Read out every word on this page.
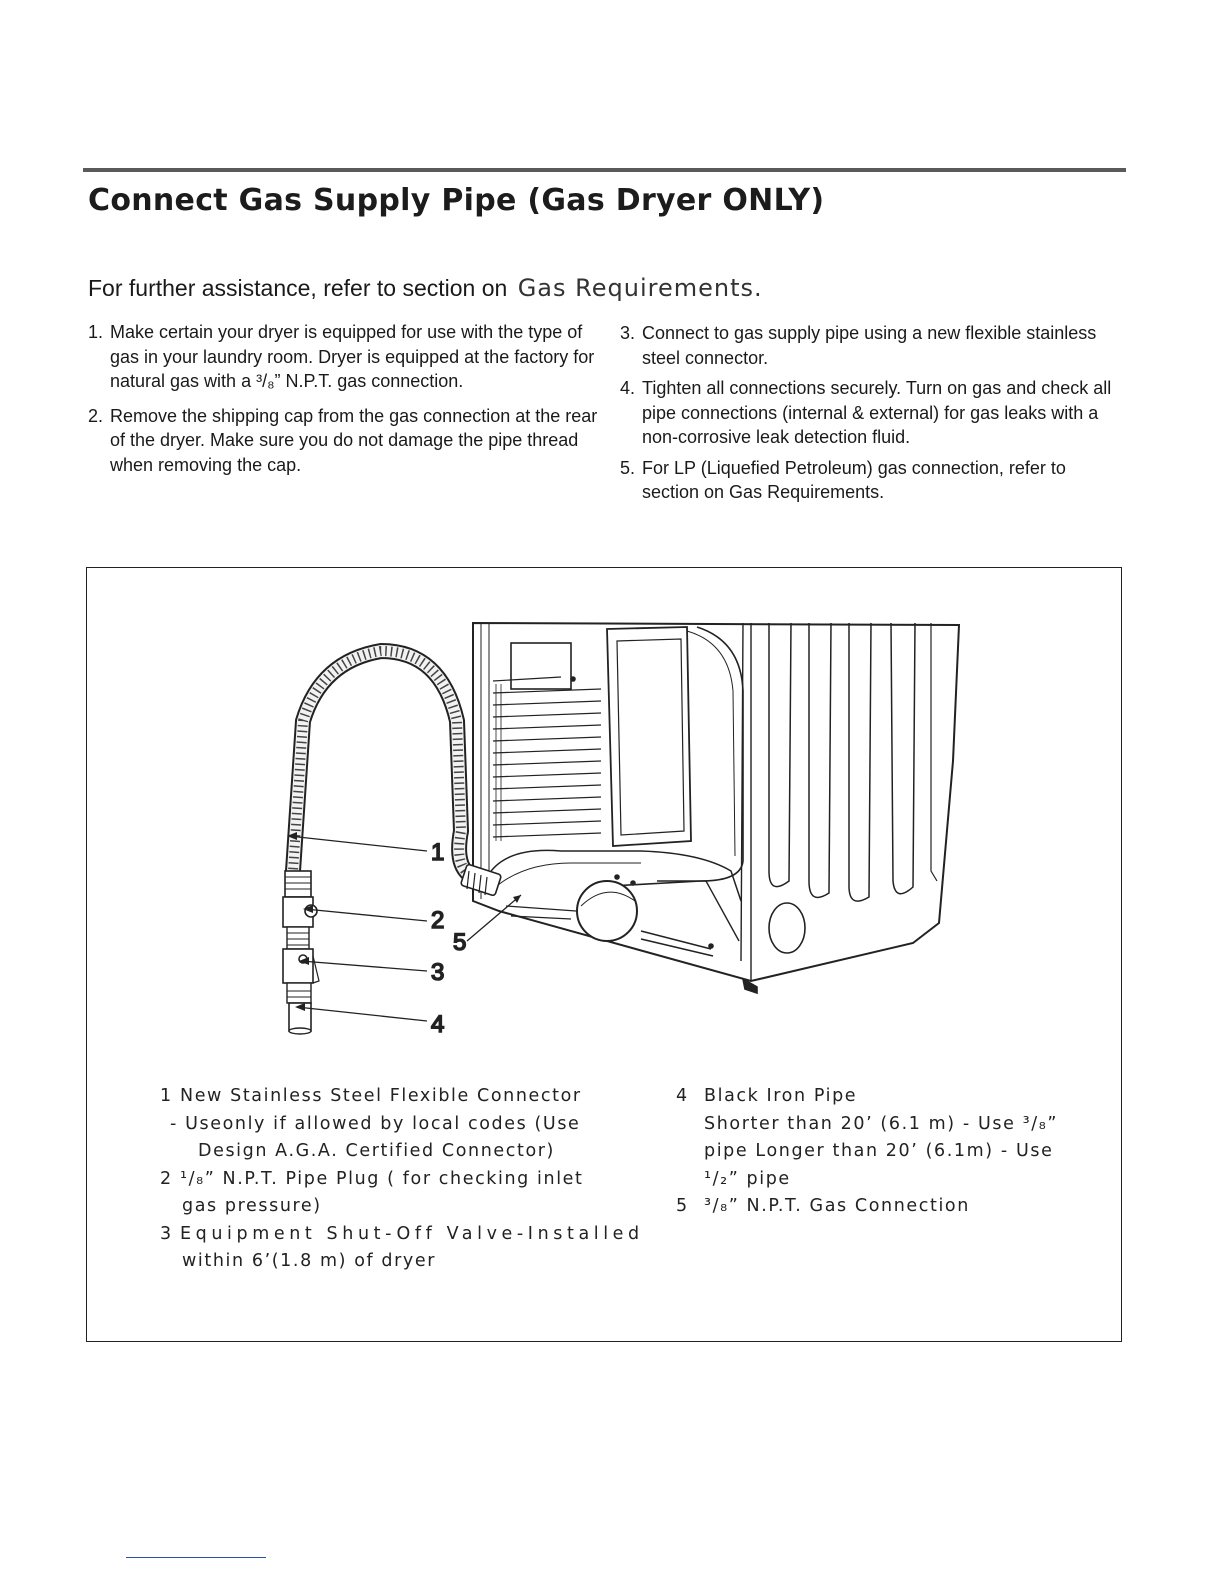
Connect Gas Supply Pipe (Gas Dryer ONLY)
For further assistance, refer to section on Gas Requirements.
1. Make certain your dryer is equipped for use with the type of gas in your laundry room. Dryer is equipped at the factory for natural gas with a ³/₈” N.P.T. gas connection.
2. Remove the shipping cap from the gas connection at the rear of the dryer. Make sure you do not damage the pipe thread when removing the cap.
3. Connect to gas supply pipe using a new flexible stainless steel connector.
4. Tighten all connections securely. Turn on gas and check all pipe connections (internal & external) for gas leaks with a non-corrosive leak detection fluid.
5. For LP (Liquefied Petroleum) gas connection, refer to section on Gas Requirements.
1
2
3
4
5
1 New Stainless Steel Flexible Connector
- Useonly if allowed by local codes (Use
Design A.G.A. Certified Connector)
2 ¹/₈” N.P.T. Pipe Plug ( for checking inlet
gas pressure)
3 Equipment Shut-Off Valve-Installed
within 6’(1.8 m) of dryer
4 Black Iron Pipe
Shorter than 20’ (6.1 m) - Use ³/₈”
pipe Longer than 20’ (6.1m) - Use
¹/₂” pipe
5 ³/₈” N.P.T. Gas Connection
